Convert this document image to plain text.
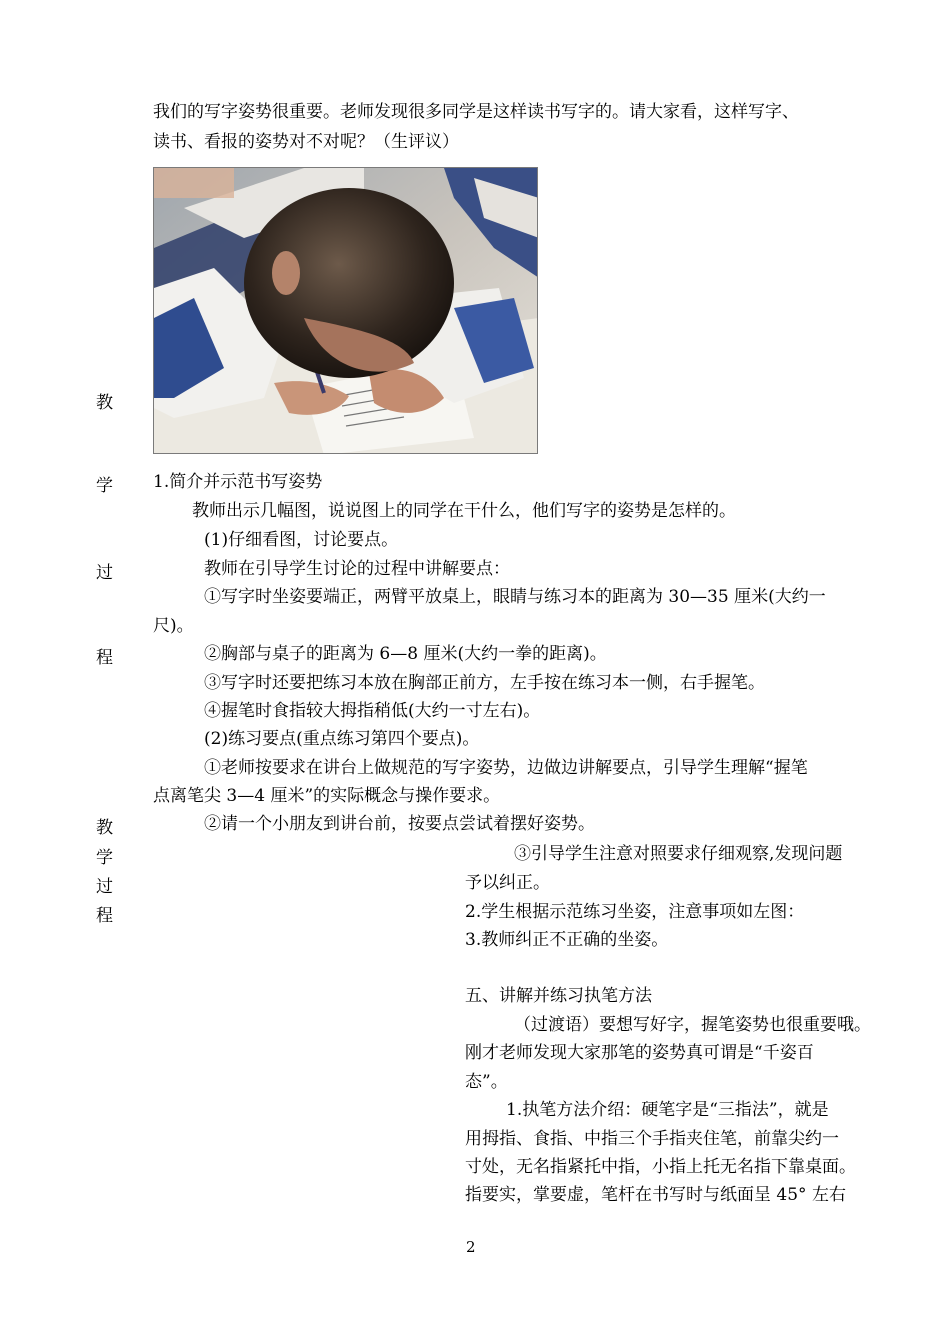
我们的写字姿势很重要。老师发现很多同学是这样读书写字的。请大家看，这样写字、
读书、看报的姿势对不对呢？（生评议）
教
学
过
程
教
学
过
程
1.简介并示范书写姿势
教师出示几幅图，说说图上的同学在干什么，他们写字的姿势是怎样的。
(1)仔细看图，讨论要点。
教师在引导学生讨论的过程中讲解要点：
①写字时坐姿要端正，两臂平放桌上，眼睛与练习本的距离为 30—35 厘米(大约一
尺)。
②胸部与桌子的距离为 6—8 厘米(大约一拳的距离)。
③写字时还要把练习本放在胸部正前方，左手按在练习本一侧，右手握笔。
④握笔时食指较大拇指稍低(大约一寸左右)。
(2)练习要点(重点练习第四个要点)。
①老师按要求在讲台上做规范的写字姿势，边做边讲解要点，引导学生理解“握笔
点离笔尖 3—4 厘米”的实际概念与操作要求。
②请一个小朋友到讲台前，按要点尝试着摆好姿势。
③引导学生注意对照要求仔细观察,发现问题
予以纠正。
2.学生根据示范练习坐姿，注意事项如左图：
3.教师纠正不正确的坐姿。
五、讲解并练习执笔方法
（过渡语）要想写好字，握笔姿势也很重要哦。
刚才老师发现大家那笔的姿势真可谓是“千姿百
态”。
1.执笔方法介绍：硬笔字是“三指法”，就是
用拇指、食指、中指三个手指夹住笔，前靠尖约一
寸处，无名指紧托中指，小指上托无名指下靠桌面。
指要实，掌要虚，笔杆在书写时与纸面呈 45° 左右
2
